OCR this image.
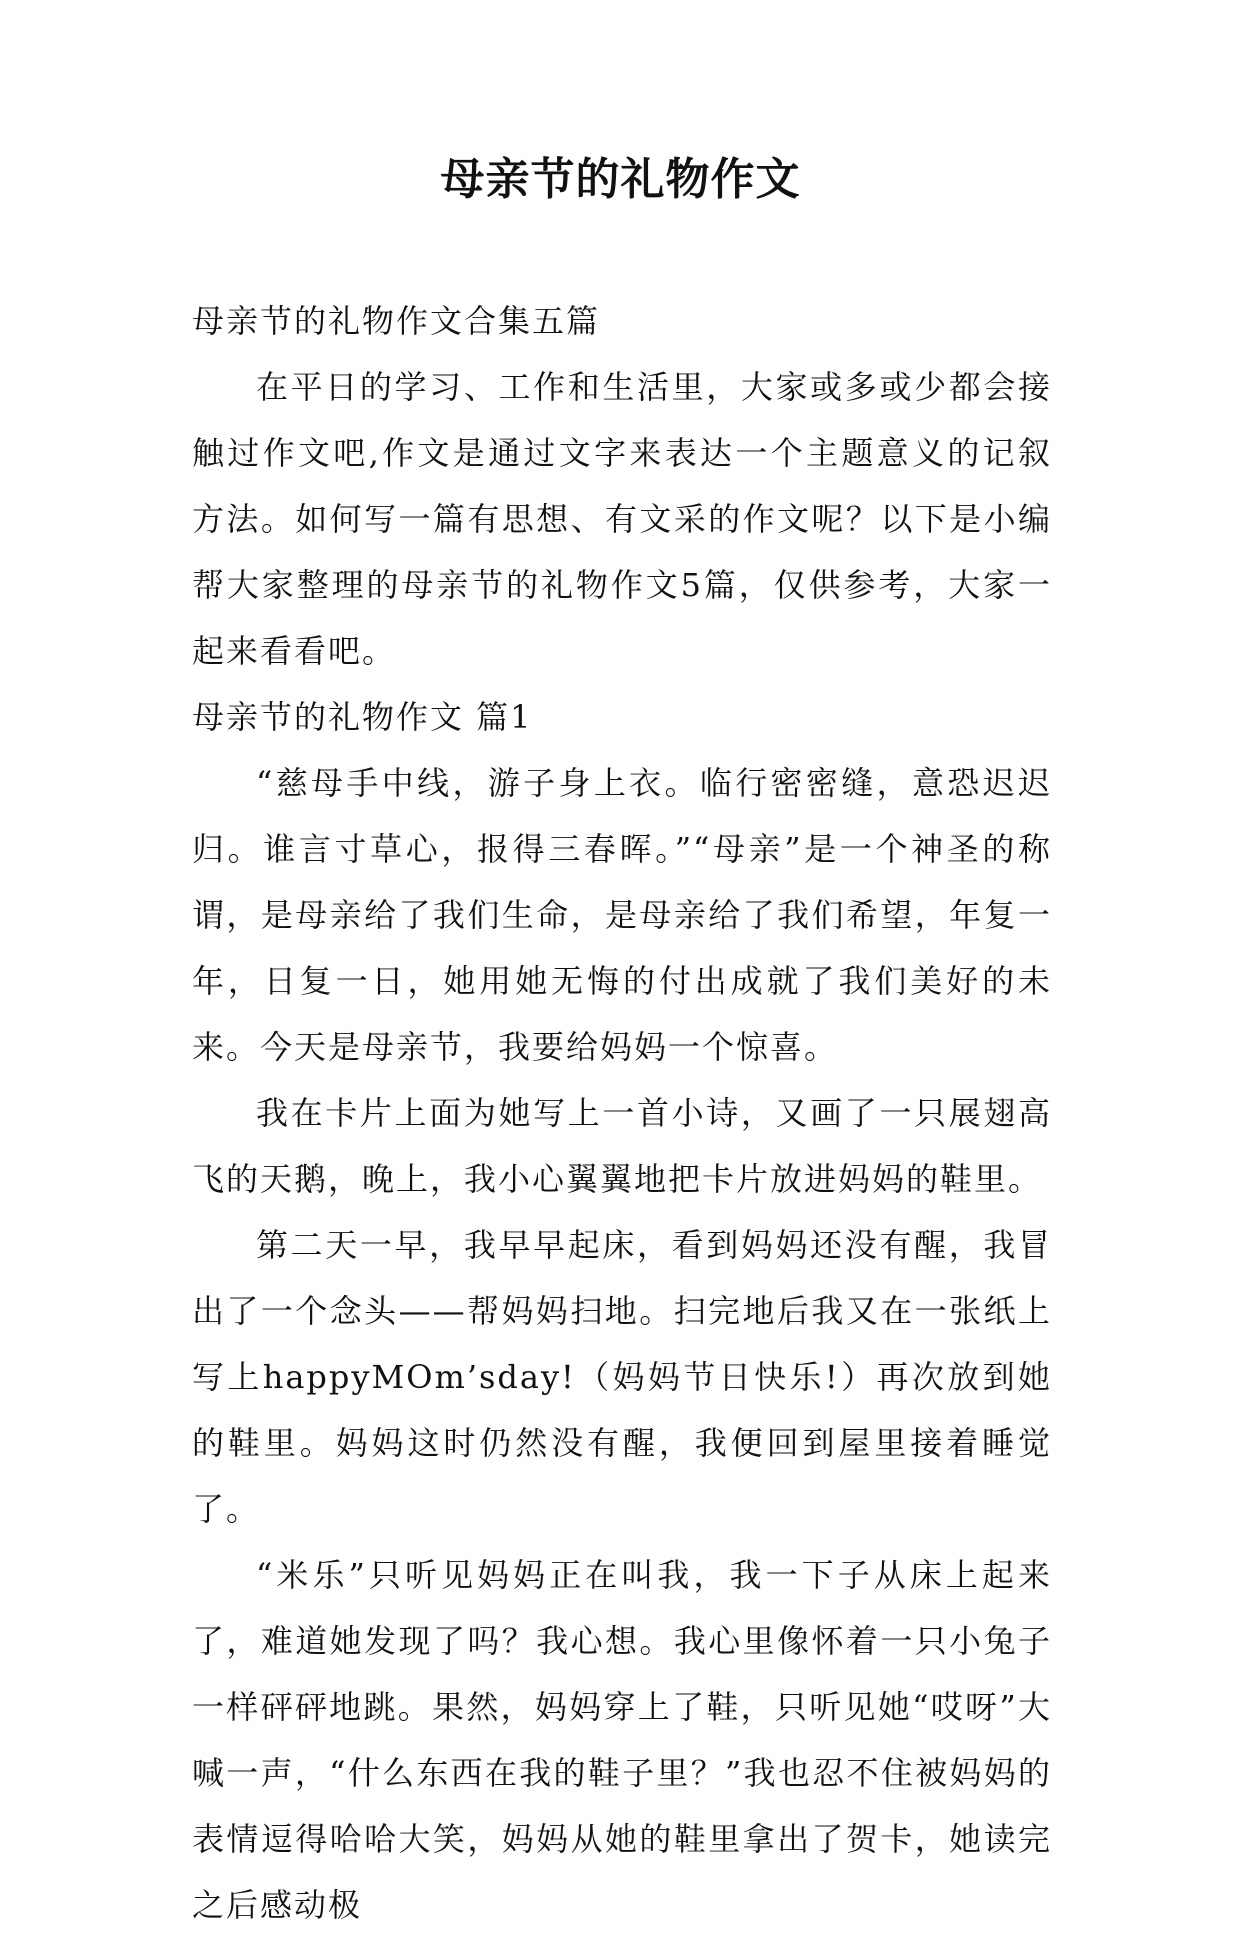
母亲节的礼物作文

母亲节的礼物作文合集五篇

在平日的学习、工作和生活里，大家或多或少都会接触过作文吧,作文是通过文字来表达一个主题意义的记叙方法。如何写一篇有思想、有文采的作文呢？以下是小编帮大家整理的母亲节的礼物作文5篇，仅供参考，大家一起来看看吧。

母亲节的礼物作文 篇1

“慈母手中线，游子身上衣。临行密密缝，意恐迟迟归。谁言寸草心，报得三春晖。”“母亲”是一个神圣的称谓，是母亲给了我们生命，是母亲给了我们希望，年复一年，日复一日，她用她无悔的付出成就了我们美好的未来。今天是母亲节，我要给妈妈一个惊喜。

我在卡片上面为她写上一首小诗，又画了一只展翅高飞的天鹅，晚上，我小心翼翼地把卡片放进妈妈的鞋里。

第二天一早，我早早起床，看到妈妈还没有醒，我冒出了一个念头——帮妈妈扫地。扫完地后我又在一张纸上写上happyMOm’sday!（妈妈节日快乐!）再次放到她的鞋里。妈妈这时仍然没有醒，我便回到屋里接着睡觉了。

“米乐”只听见妈妈正在叫我，我一下子从床上起来了，难道她发现了吗？我心想。我心里像怀着一只小兔子一样砰砰地跳。果然，妈妈穿上了鞋，只听见她“哎呀”大喊一声，“什么东西在我的鞋子里？”我也忍不住被妈妈的表情逗得哈哈大笑，妈妈从她的鞋里拿出了贺卡，她读完之后感动极
